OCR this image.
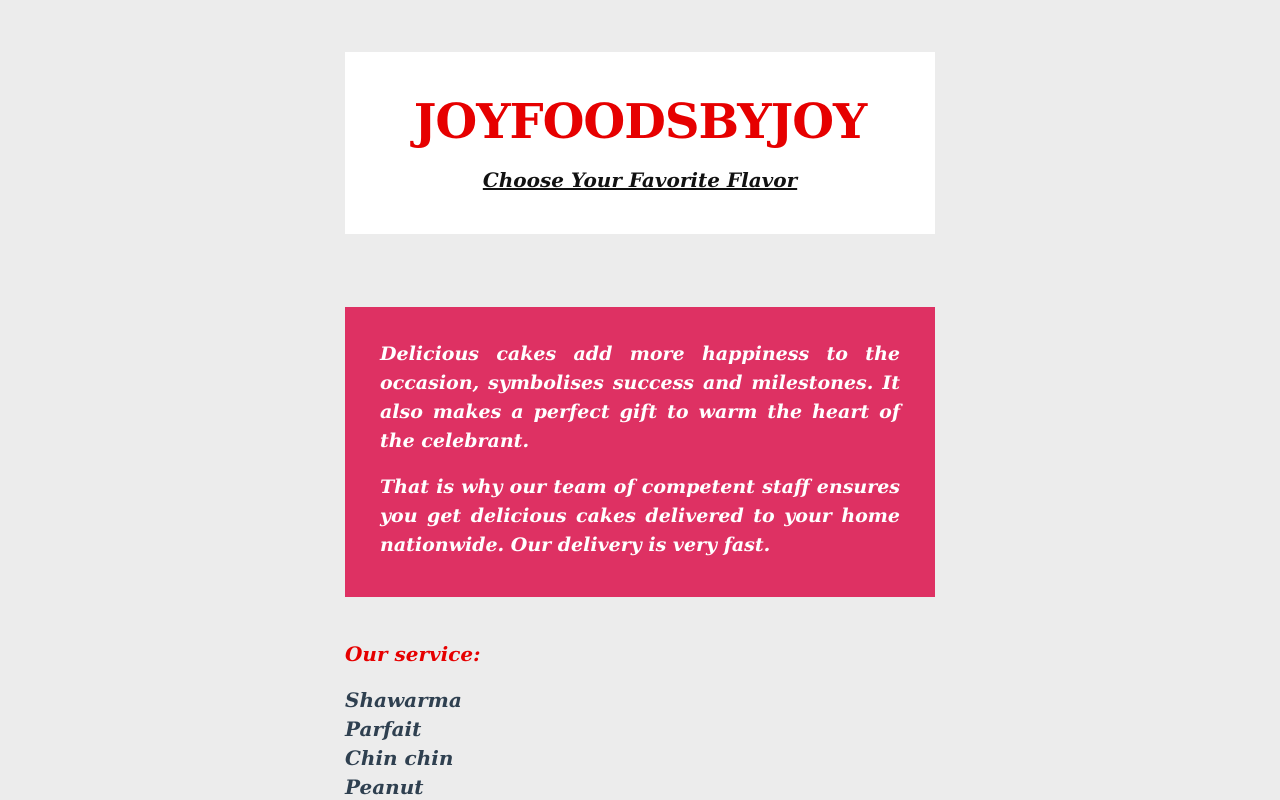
JOYFOODSBYJOY

Choose Your Favorite Flavor

Delicious cakes add more happiness to the occasion, symbolises success and milestones. It also makes a perfect gift to warm the heart of the celebrant.

That is why our team of competent staff ensures you get delicious cakes delivered to your home nationwide. Our delivery is very fast.

Our service:
Shawarma
Parfait
Chin chin
Peanut
